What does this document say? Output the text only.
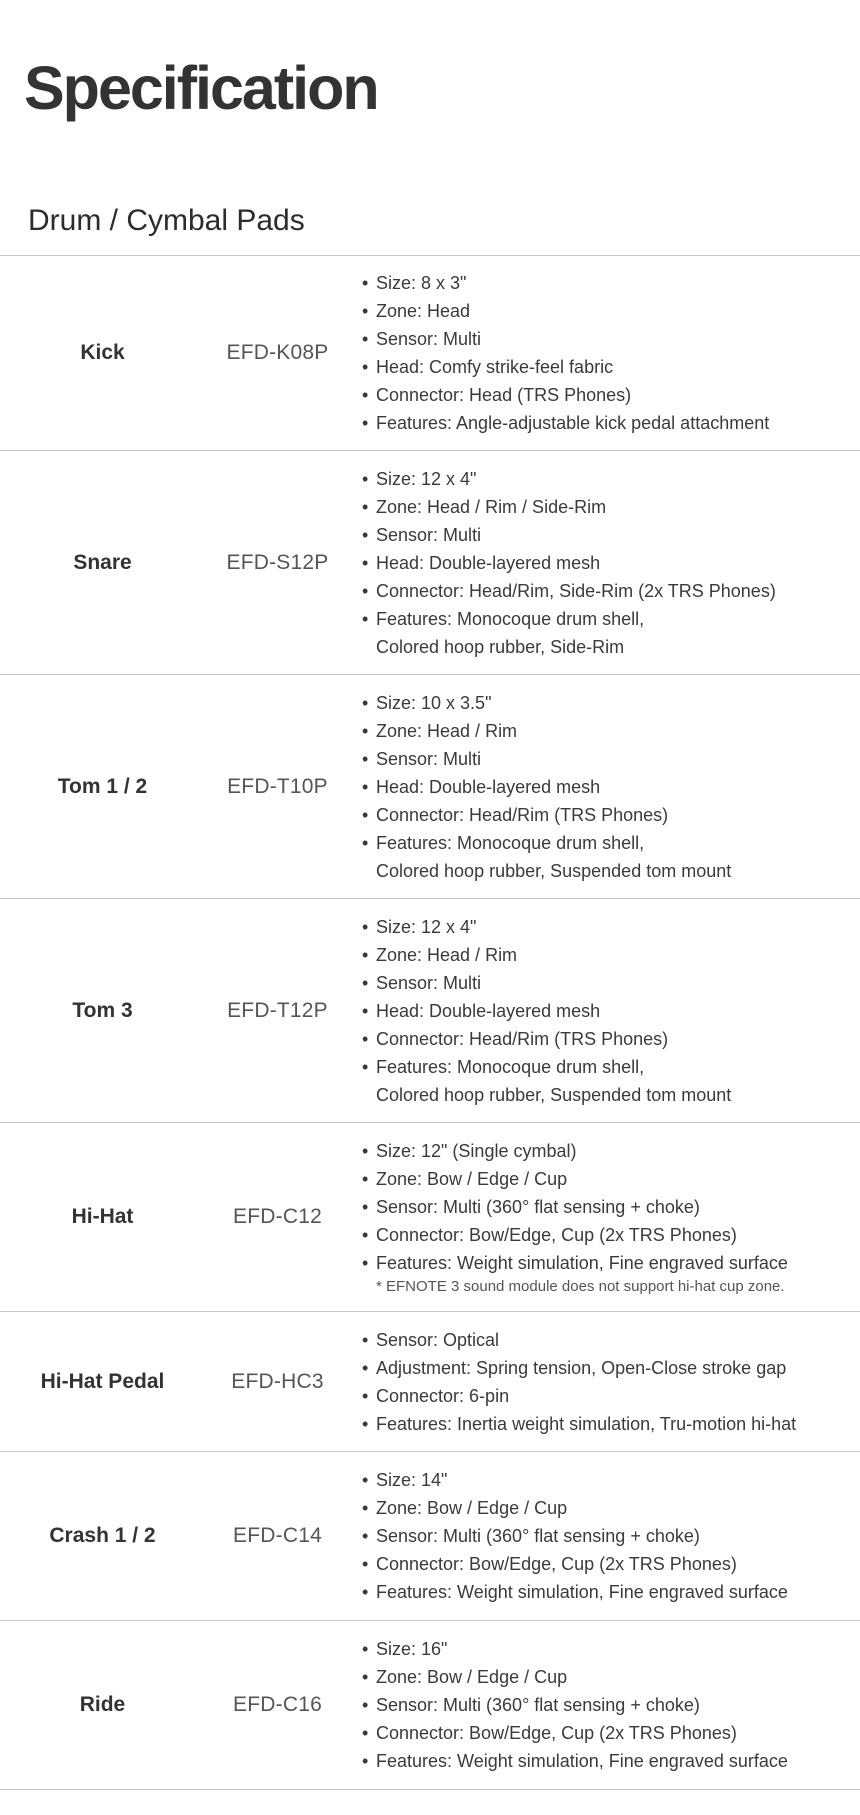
Specification
Drum / Cymbal Pads
Kick	EFD-K08P
• Size: 8 x 3"
• Zone: Head
• Sensor: Multi
• Head: Comfy strike-feel fabric
• Connector: Head (TRS Phones)
• Features: Angle-adjustable kick pedal attachment
Snare	EFD-S12P
• Size: 12 x 4"
• Zone: Head / Rim / Side-Rim
• Sensor: Multi
• Head: Double-layered mesh
• Connector: Head/Rim, Side-Rim (2x TRS Phones)
• Features: Monocoque drum shell,
Colored hoop rubber, Side-Rim
Tom 1 / 2	EFD-T10P
• Size: 10 x 3.5"
• Zone: Head / Rim
• Sensor: Multi
• Head: Double-layered mesh
• Connector: Head/Rim (TRS Phones)
• Features: Monocoque drum shell,
Colored hoop rubber, Suspended tom mount
Tom 3	EFD-T12P
• Size: 12 x 4"
• Zone: Head / Rim
• Sensor: Multi
• Head: Double-layered mesh
• Connector: Head/Rim (TRS Phones)
• Features: Monocoque drum shell,
Colored hoop rubber, Suspended tom mount
Hi-Hat	EFD-C12
• Size: 12" (Single cymbal)
• Zone: Bow / Edge / Cup
• Sensor: Multi (360° flat sensing + choke)
• Connector: Bow/Edge, Cup (2x TRS Phones)
• Features: Weight simulation, Fine engraved surface
* EFNOTE 3 sound module does not support hi-hat cup zone.
Hi-Hat Pedal	EFD-HC3
• Sensor: Optical
• Adjustment: Spring tension, Open-Close stroke gap
• Connector: 6-pin
• Features: Inertia weight simulation, Tru-motion hi-hat
Crash 1 / 2	EFD-C14
• Size: 14"
• Zone: Bow / Edge / Cup
• Sensor: Multi (360° flat sensing + choke)
• Connector: Bow/Edge, Cup (2x TRS Phones)
• Features: Weight simulation, Fine engraved surface
Ride	EFD-C16
• Size: 16"
• Zone: Bow / Edge / Cup
• Sensor: Multi (360° flat sensing + choke)
• Connector: Bow/Edge, Cup (2x TRS Phones)
• Features: Weight simulation, Fine engraved surface
